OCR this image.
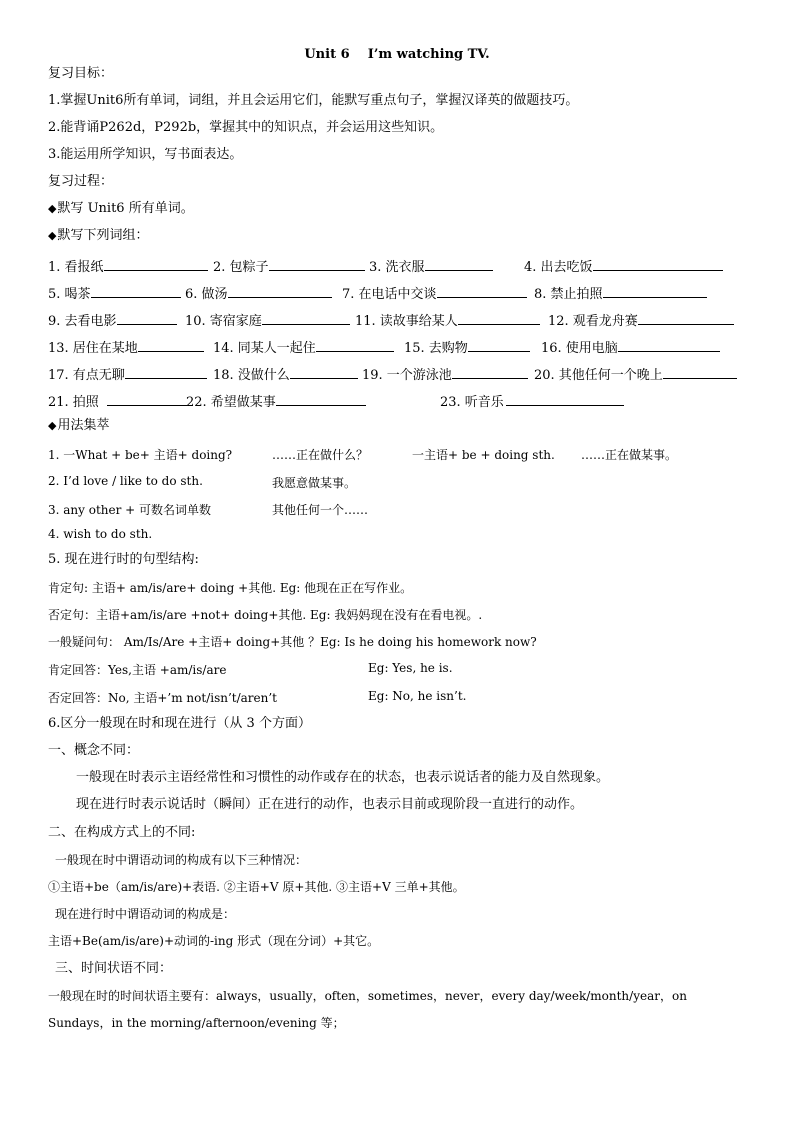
Unit 6    I’m watching TV.
复习目标：
1.掌握Unit6所有单词，词组，并且会运用它们，能默写重点句子，掌握汉译英的做题技巧。
2.能背诵P262d，P292b，掌握其中的知识点，并会运用这些知识。
3.能运用所学知识，写书面表达。
复习过程：
◆默写 Unit6 所有单词。
◆默写下列词组：
1. 看报纸	2. 包粽子	3. 洗衣服	4. 出去吃饭
5. 喝茶	6. 做汤	7. 在电话中交谈	8. 禁止拍照
9. 去看电影	10. 寄宿家庭	11. 读故事给某人	12. 观看龙舟赛
13. 居住在某地	14. 同某人一起住	15. 去购物	16. 使用电脑
17. 有点无聊	18. 没做什么	19. 一个游泳池	20. 其他任何一个晚上
21. 拍照	22. 希望做某事	23. 听音乐
◆用法集萃
1. 一What + be+ 主语+ doing?	……正在做什么？	一主语+ be + doing sth. ……正在做某事。
2. I’d love / like to do sth.	我愿意做某事。
3. any other + 可数名词单数	其他任何一个……
4. wish to do sth.
5. 现在进行时的句型结构:
肯定句: 主语+ am/is/are+ doing +其他. Eg: 他现在正在写作业。
否定句：主语+am/is/are +not+ doing+其他. Eg: 我妈妈现在没有在看电视。.
一般疑问句： Am/Is/Are +主语+ doing+其他 ？Eg: Is he doing his homework now?
肯定回答：Yes,主语 +am/is/are	Eg: Yes, he is.
否定回答：No, 主语+’m not/isn’t/aren’t	Eg: No, he isn’t.
6.区分一般现在时和现在进行（从 3 个方面）
一、概念不同：
一般现在时表示主语经常性和习惯性的动作或存在的状态，也表示说话者的能力及自然现象。
现在进行时表示说话时（瞬间）正在进行的动作，也表示目前或现阶段一直进行的动作。
二、在构成方式上的不同:
一般现在时中谓语动词的构成有以下三种情况：
①主语+be（am/is/are)+表语. ②主语+V 原+其他. ③主语+V 三单+其他。
现在进行时中谓语动词的构成是：
主语+Be(am/is/are)+动词的-ing 形式（现在分词）+其它。
三、时间状语不同：
一般现在时的时间状语主要有：always，usually，often，sometimes，never，every day/week/month/year，on
Sundays，in the morning/afternoon/evening 等；
